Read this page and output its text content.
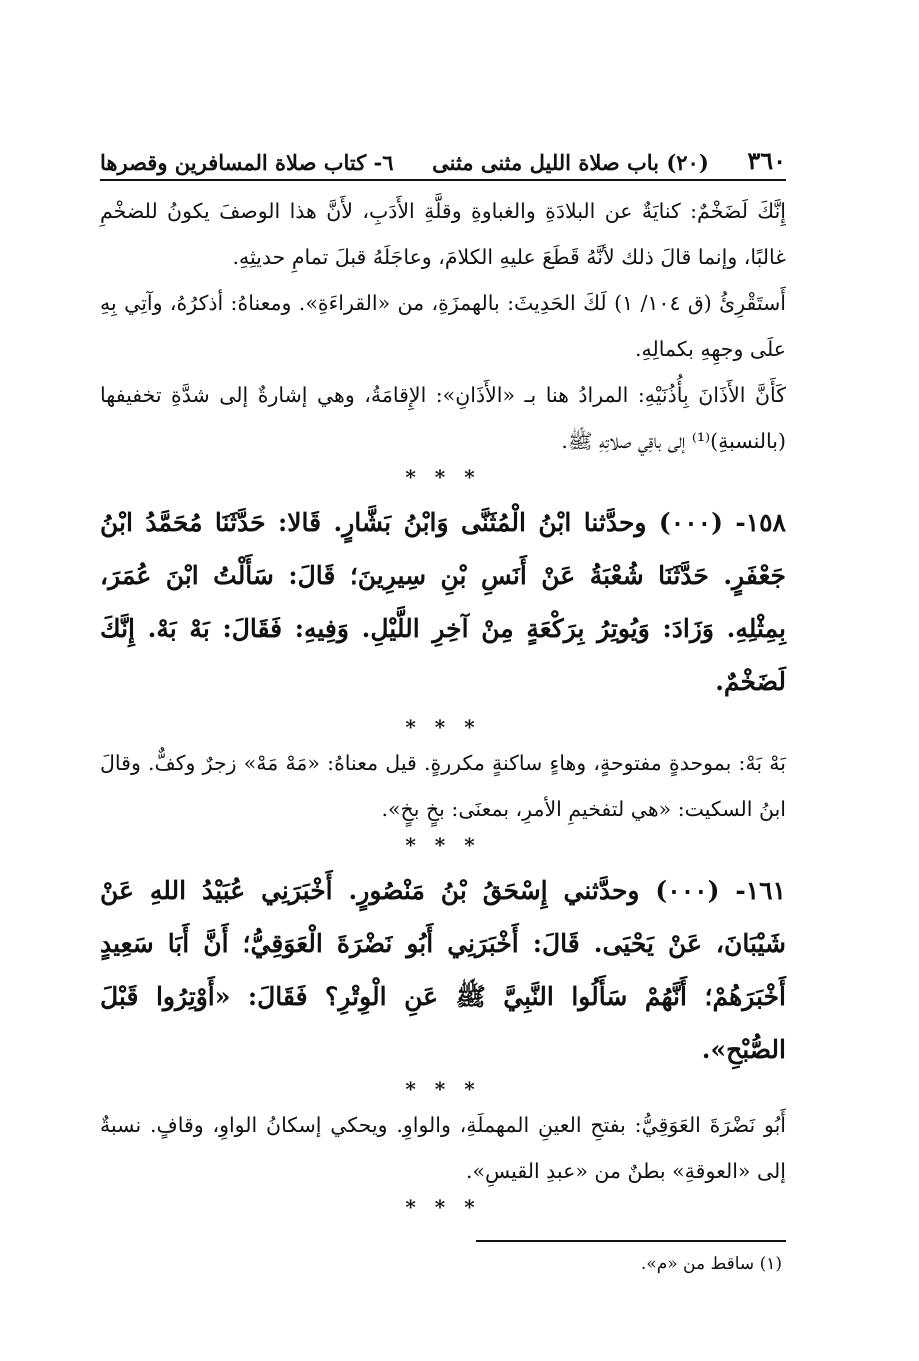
٣٦٠
(٢٠) باب صلاة الليل مثنى مثنى
٦- كتاب صلاة المسافرين وقصرها
إِنَّكَ لَضَخْمٌ: كنايَةٌ عن البلادَةِ والغباوةِ وقلَّةِ الأَدَبِ، لأَنَّ هذا الوصفَ يكونُ للضخْمِ غالبًا، وإنما قالَ ذلك لأنَّهُ قَطَعَ عليهِ الكلامَ، وعاجَلَهُ قبلَ تمامِ حديثِهِ.
أَستَقْرِئُ (ق ١٠٤/ ١) لَكَ الحَدِيثَ: بالهمزَةِ، من «القراءَةِ». ومعناهُ: أذكرُهُ، وآتِي بِهِ علَى وجهِهِ بكمالِهِ.
كَأَنَّ الأَذَانَ بِأُذُنَيْهِ: المرادُ هنا بـ «الأَذَانِ»: الإِقامَةُ، وهي إشارةٌ إلى شدَّةِ تخفيفها (بالنسبةِ)⁽¹⁾ إلى باقِي صلاتِهِ ﷺ.
* * *
١٥٨- (٠٠٠) وحدَّثنا ابْنُ الْمُثَنَّى وَابْنُ بَشَّارٍ. قَالا: حَدَّثَنَا مُحَمَّدُ ابْنُ جَعْفَرٍ. حَدَّثَنَا شُعْبَةُ عَنْ أَنَسِ بْنِ سِيرِينَ؛ قَالَ: سَأَلْتُ ابْنَ عُمَرَ، بِمِثْلِهِ. وَزَادَ: وَيُوتِرُ بِرَكْعَةٍ مِنْ آخِرِ اللَّيْلِ. وَفِيهِ: فَقَالَ: بَهْ بَهْ. إِنَّكَ لَضَخْمٌ.
* * *
بَهْ بَهْ: بموحدةٍ مفتوحةٍ، وهاءٍ ساكنةٍ مكررةٍ. قيل معناهُ: «مَهْ مَهْ» زجرٌ وكفٌّ. وقالَ ابنُ السكيت: «هي لتفخيمِ الأمرِ، بمعنَى: بخٍ بخٍ».
* * *
١٦١- (٠٠٠) وحدَّثني إِسْحَقُ بْنُ مَنْصُورٍ. أَخْبَرَنِي عُبَيْدُ اللهِ عَنْ شَيْبَانَ، عَنْ يَحْيَى. قَالَ: أَخْبَرَنِي أَبُو نَضْرَةَ الْعَوَقِيُّ؛ أَنَّ أَبَا سَعِيدٍ أَخْبَرَهُمْ؛ أَنَّهُمْ سَأَلُوا النَّبِيَّ ﷺ عَنِ الْوِتْرِ؟ فَقَالَ: «أَوْتِرُوا قَبْلَ الصُّبْحِ».
* * *
أَبُو نَضْرَةَ العَوَقِيُّ: بفتحِ العينِ المهملَةِ، والواوِ. ويحكي إسكانُ الواوِ، وقافٍ. نسبةٌ إلى «العوقةِ» بطنٌ من «عبدِ القيسِ».
* * *
(١) ساقط من «م».
